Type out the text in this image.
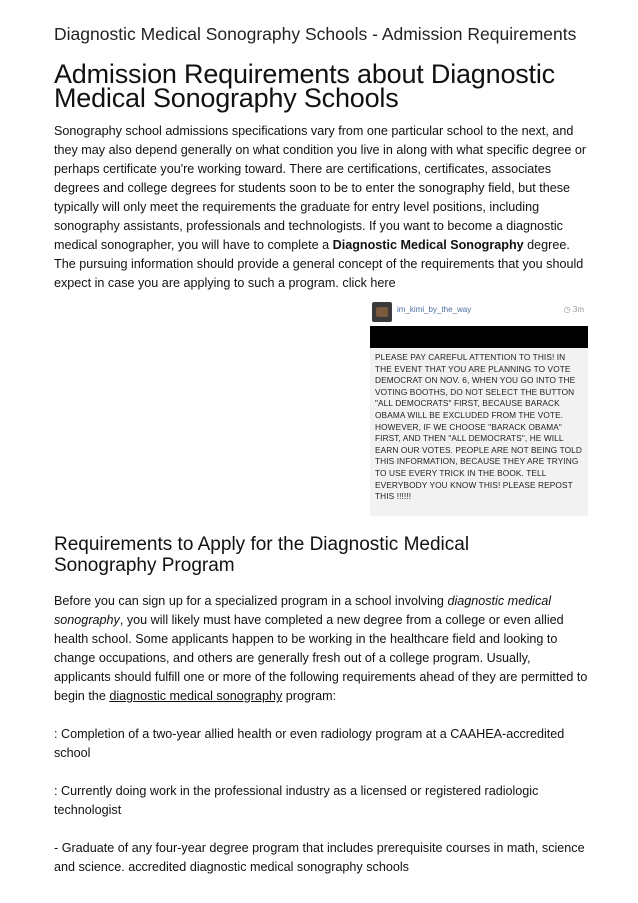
Diagnostic Medical Sonography Schools - Admission Requirements
Admission Requirements about Diagnostic Medical Sonography Schools

Sonography school admissions specifications vary from one particular school to the next, and they may also depend generally on what condition you live in along with what specific degree or perhaps certificate you're working toward. There are certifications, certificates, associates degrees and college degrees for students soon to be to enter the sonography field, but these typically will only meet the requirements the graduate for entry level positions, including sonography assistants, professionals and technologists. If you want to become a diagnostic medical sonographer, you will have to complete a Diagnostic Medical Sonography degree. The pursuing information should provide a general concept of the requirements that you should expect in case you are applying to such a program. click here

im_kimi_by_the_way	◷ 3m
PLEASE PAY CAREFUL ATTENTION TO THIS! IN THE EVENT THAT YOU ARE PLANNING TO VOTE DEMOCRAT ON NOV. 6, WHEN YOU GO INTO THE VOTING BOOTHS, DO NOT SELECT THE BUTTON "ALL DEMOCRATS" FIRST, BECAUSE BARACK OBAMA WILL BE EXCLUDED FROM THE VOTE. HOWEVER, IF WE CHOOSE "BARACK OBAMA" FIRST, AND THEN "ALL DEMOCRATS", HE WILL EARN OUR VOTES. PEOPLE ARE NOT BEING TOLD THIS INFORMATION, BECAUSE THEY ARE TRYING TO USE EVERY TRICK IN THE BOOK. TELL EVERYBODY YOU KNOW THIS! PLEASE REPOST THIS !!!!!!
Requirements to Apply for the Diagnostic Medical Sonography Program

Before you can sign up for a specialized program in a school involving diagnostic medical sonography, you will likely must have completed a new degree from a college or even allied health school. Some applicants happen to be working in the healthcare field and looking to change occupations, and others are generally fresh out of a college program. Usually, applicants should fulfill one or more of the following requirements ahead of they are permitted to begin the diagnostic medical sonography program:

: Completion of a two-year allied health or even radiology program at a CAAHEA-accredited school

: Currently doing work in the professional industry as a licensed or registered radiologic technologist

- Graduate of any four-year degree program that includes prerequisite courses in math, science and science. accredited diagnostic medical sonography schools
